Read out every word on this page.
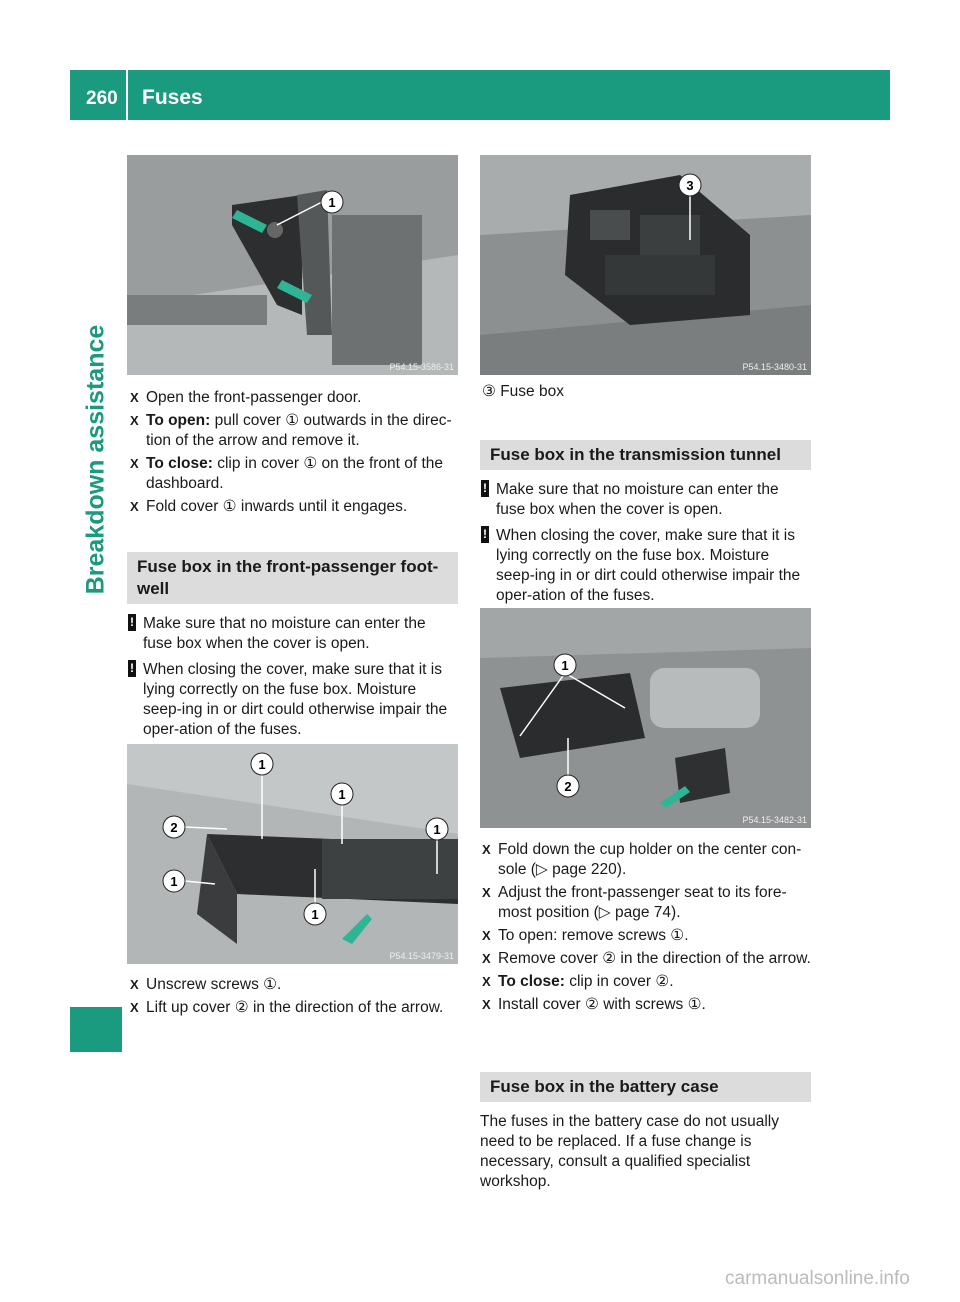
260 Fuses
Breakdown assistance
1
P54.15-3586-31
X Open the front-passenger door.
X To open: pull cover ① outwards in the direc-tion of the arrow and remove it.
X To close: clip in cover ① on the front of the dashboard.
X Fold cover ① inwards until it engages.
Fuse box in the front-passenger foot-well
! Make sure that no moisture can enter the fuse box when the cover is open.
! When closing the cover, make sure that it is lying correctly on the fuse box. Moisture seep-ing in or dirt could otherwise impair the oper-ation of the fuses.
1
1
1
2
1
1
P54.15-3479-31
X Unscrew screws ①.
X Lift up cover ② in the direction of the arrow.
3
P54.15-3480-31
③ Fuse box
Fuse box in the transmission tunnel
! Make sure that no moisture can enter the fuse box when the cover is open.
! When closing the cover, make sure that it is lying correctly on the fuse box. Moisture seep-ing in or dirt could otherwise impair the oper-ation of the fuses.
1
2
P54.15-3482-31
X Fold down the cup holder on the center con-sole (▷ page 220).
X Adjust the front-passenger seat to its fore-most position (▷ page 74).
X To open: remove screws ①.
X Remove cover ② in the direction of the arrow.
X To close: clip in cover ②.
X Install cover ② with screws ①.
Fuse box in the battery case
The fuses in the battery case do not usually need to be replaced. If a fuse change is necessary, consult a qualified specialist workshop.
carmanualsonline.info
